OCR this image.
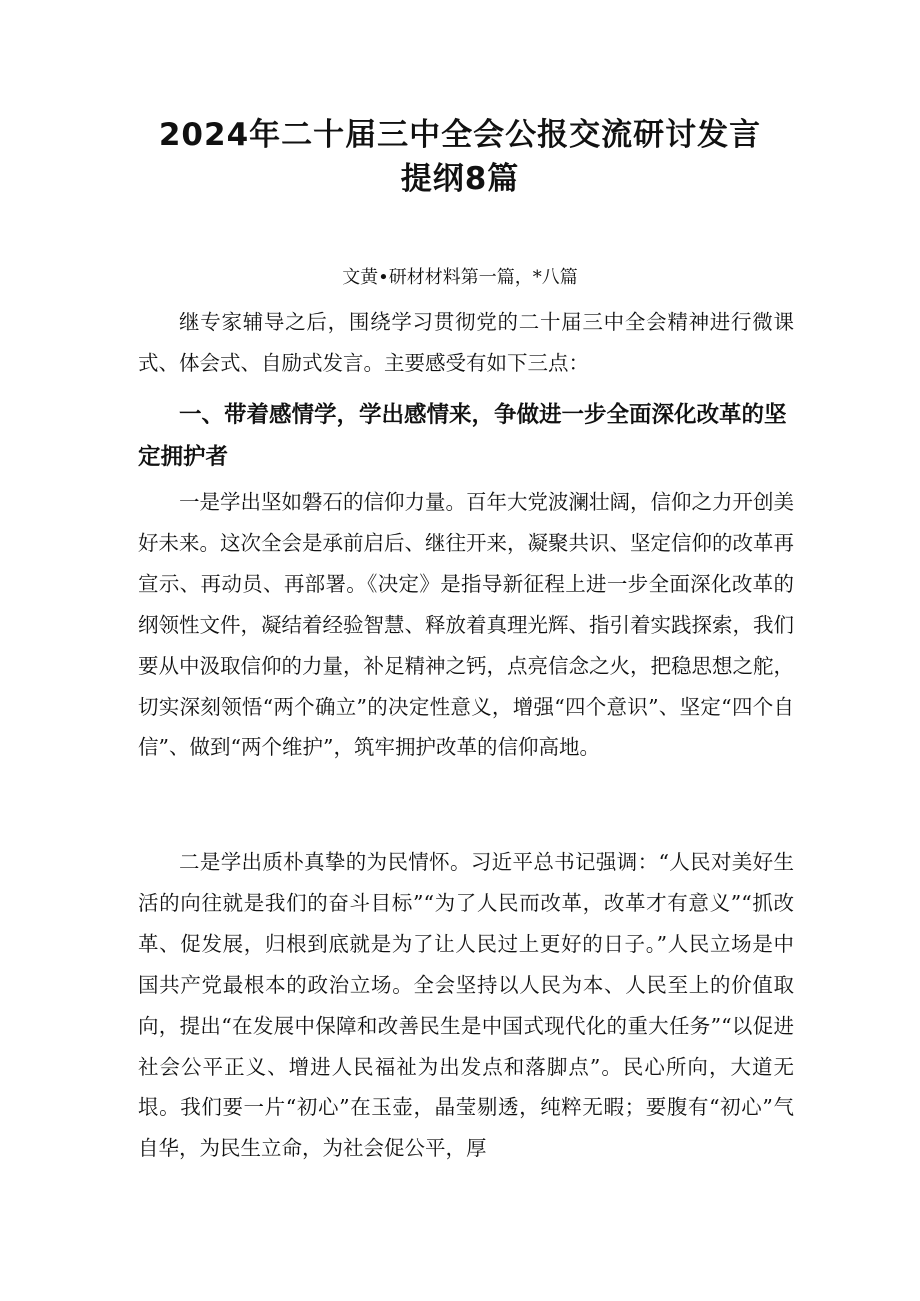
2024年二十届三中全会公报交流研讨发言
提纲8篇
文黄•研材材料第一篇，*八篇

继专家辅导之后，围绕学习贯彻党的二十届三中全会精神进行微课式、体会式、自励式发言。主要感受有如下三点：

一、带着感情学，学出感情来，争做进一步全面深化改革的坚定拥护者

一是学出坚如磐石的信仰力量。百年大党波澜壮阔，信仰之力开创美好未来。这次全会是承前启后、继往开来，凝聚共识、坚定信仰的改革再宣示、再动员、再部署。《决定》是指导新征程上进一步全面深化改革的纲领性文件，凝结着经验智慧、释放着真理光辉、指引着实践探索，我们要从中汲取信仰的力量，补足精神之钙，点亮信念之火，把稳思想之舵，切实深刻领悟“两个确立”的决定性意义，增强“四个意识”、坚定“四个自信”、做到“两个维护”，筑牢拥护改革的信仰高地。

二是学出质朴真挚的为民情怀。习近平总书记强调：“人民对美好生活的向往就是我们的奋斗目标”“为了人民而改革，改革才有意义”“抓改革、促发展，归根到底就是为了让人民过上更好的日子。”人民立场是中国共产党最根本的政治立场。全会坚持以人民为本、人民至上的价值取向，提出“在发展中保障和改善民生是中国式现代化的重大任务”“以促进社会公平正义、增进人民福祉为出发点和落脚点”。民心所向，大道无垠。我们要一片“初心”在玉壶，晶莹剔透，纯粹无暇；要腹有“初心”气自华，为民生立命，为社会促公平，厚
